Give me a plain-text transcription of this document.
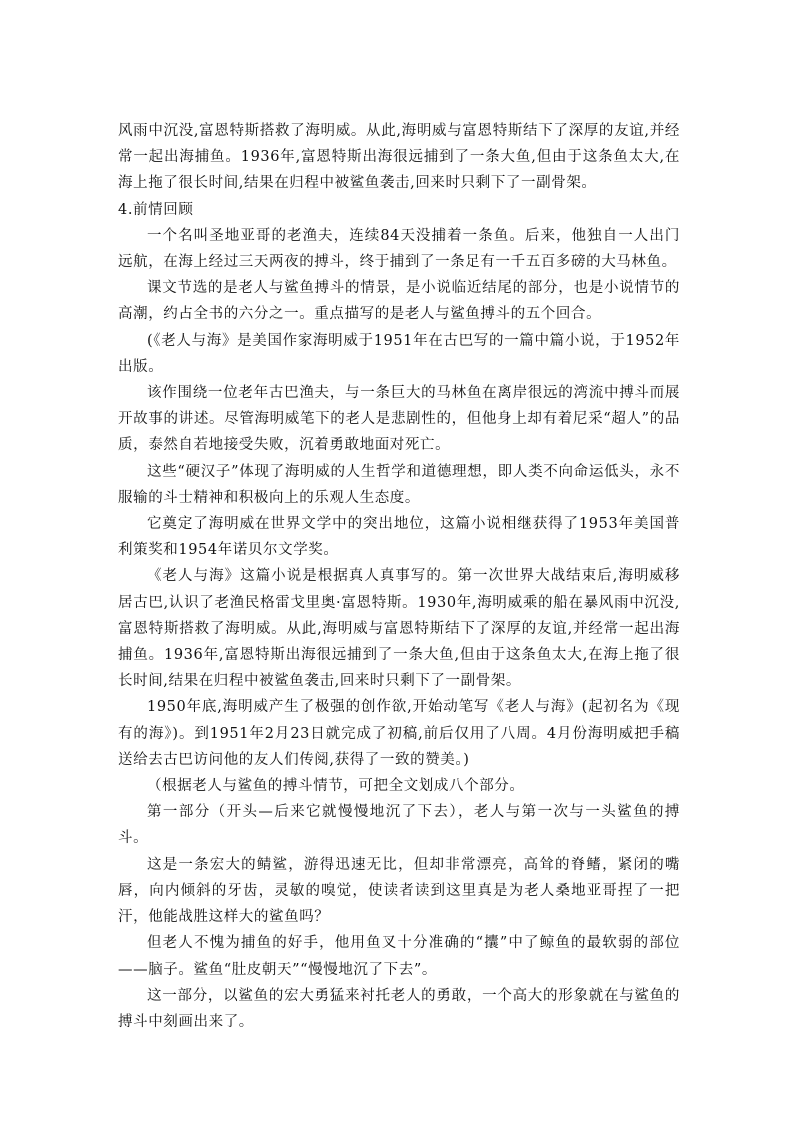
风雨中沉没,富恩特斯搭救了海明威。从此,海明威与富恩特斯结下了深厚的友谊,并经常一起出海捕鱼。1936年,富恩特斯出海很远捕到了一条大鱼,但由于这条鱼太大,在海上拖了很长时间,结果在归程中被鲨鱼袭击,回来时只剩下了一副骨架。

4.前情回顾

一个名叫圣地亚哥的老渔夫，连续84天没捕着一条鱼。后来，他独自一人出门远航，在海上经过三天两夜的搏斗，终于捕到了一条足有一千五百多磅的大马林鱼。

课文节选的是老人与鲨鱼搏斗的情景，是小说临近结尾的部分，也是小说情节的高潮，约占全书的六分之一。重点描写的是老人与鲨鱼搏斗的五个回合。

(《老人与海》是美国作家海明威于1951年在古巴写的一篇中篇小说，于1952年出版。

该作围绕一位老年古巴渔夫，与一条巨大的马林鱼在离岸很远的湾流中搏斗而展开故事的讲述。尽管海明威笔下的老人是悲剧性的，但他身上却有着尼采“超人”的品质，泰然自若地接受失败，沉着勇敢地面对死亡。

这些“硬汉子”体现了海明威的人生哲学和道德理想，即人类不向命运低头，永不服输的斗士精神和积极向上的乐观人生态度。

它奠定了海明威在世界文学中的突出地位，这篇小说相继获得了1953年美国普利策奖和1954年诺贝尔文学奖。

《老人与海》这篇小说是根据真人真事写的。第一次世界大战结束后,海明威移居古巴,认识了老渔民格雷戈里奥·富恩特斯。1930年,海明威乘的船在暴风雨中沉没,富恩特斯搭救了海明威。从此,海明威与富恩特斯结下了深厚的友谊,并经常一起出海捕鱼。1936年,富恩特斯出海很远捕到了一条大鱼,但由于这条鱼太大,在海上拖了很长时间,结果在归程中被鲨鱼袭击,回来时只剩下了一副骨架。

1950年底,海明威产生了极强的创作欲,开始动笔写《老人与海》(起初名为《现有的海》)。到1951年2月23日就完成了初稿,前后仅用了八周。4月份海明威把手稿送给去古巴访问他的友人们传阅,获得了一致的赞美。)

（根据老人与鲨鱼的搏斗情节，可把全文划成八个部分。

第一部分（开头—后来它就慢慢地沉了下去），老人与第一次与一头鲨鱼的搏斗。

这是一条宏大的鲭鲨，游得迅速无比，但却非常漂亮，高耸的脊鳍，紧闭的嘴唇，向内倾斜的牙齿，灵敏的嗅觉，使读者读到这里真是为老人桑地亚哥捏了一把汗，他能战胜这样大的鲨鱼吗？

但老人不愧为捕鱼的好手，他用鱼叉十分准确的“攮”中了鲸鱼的最软弱的部位——脑子。鲨鱼“肚皮朝天”“慢慢地沉了下去”。

这一部分，以鲨鱼的宏大勇猛来衬托老人的勇敢，一个高大的形象就在与鲨鱼的搏斗中刻画出来了。
